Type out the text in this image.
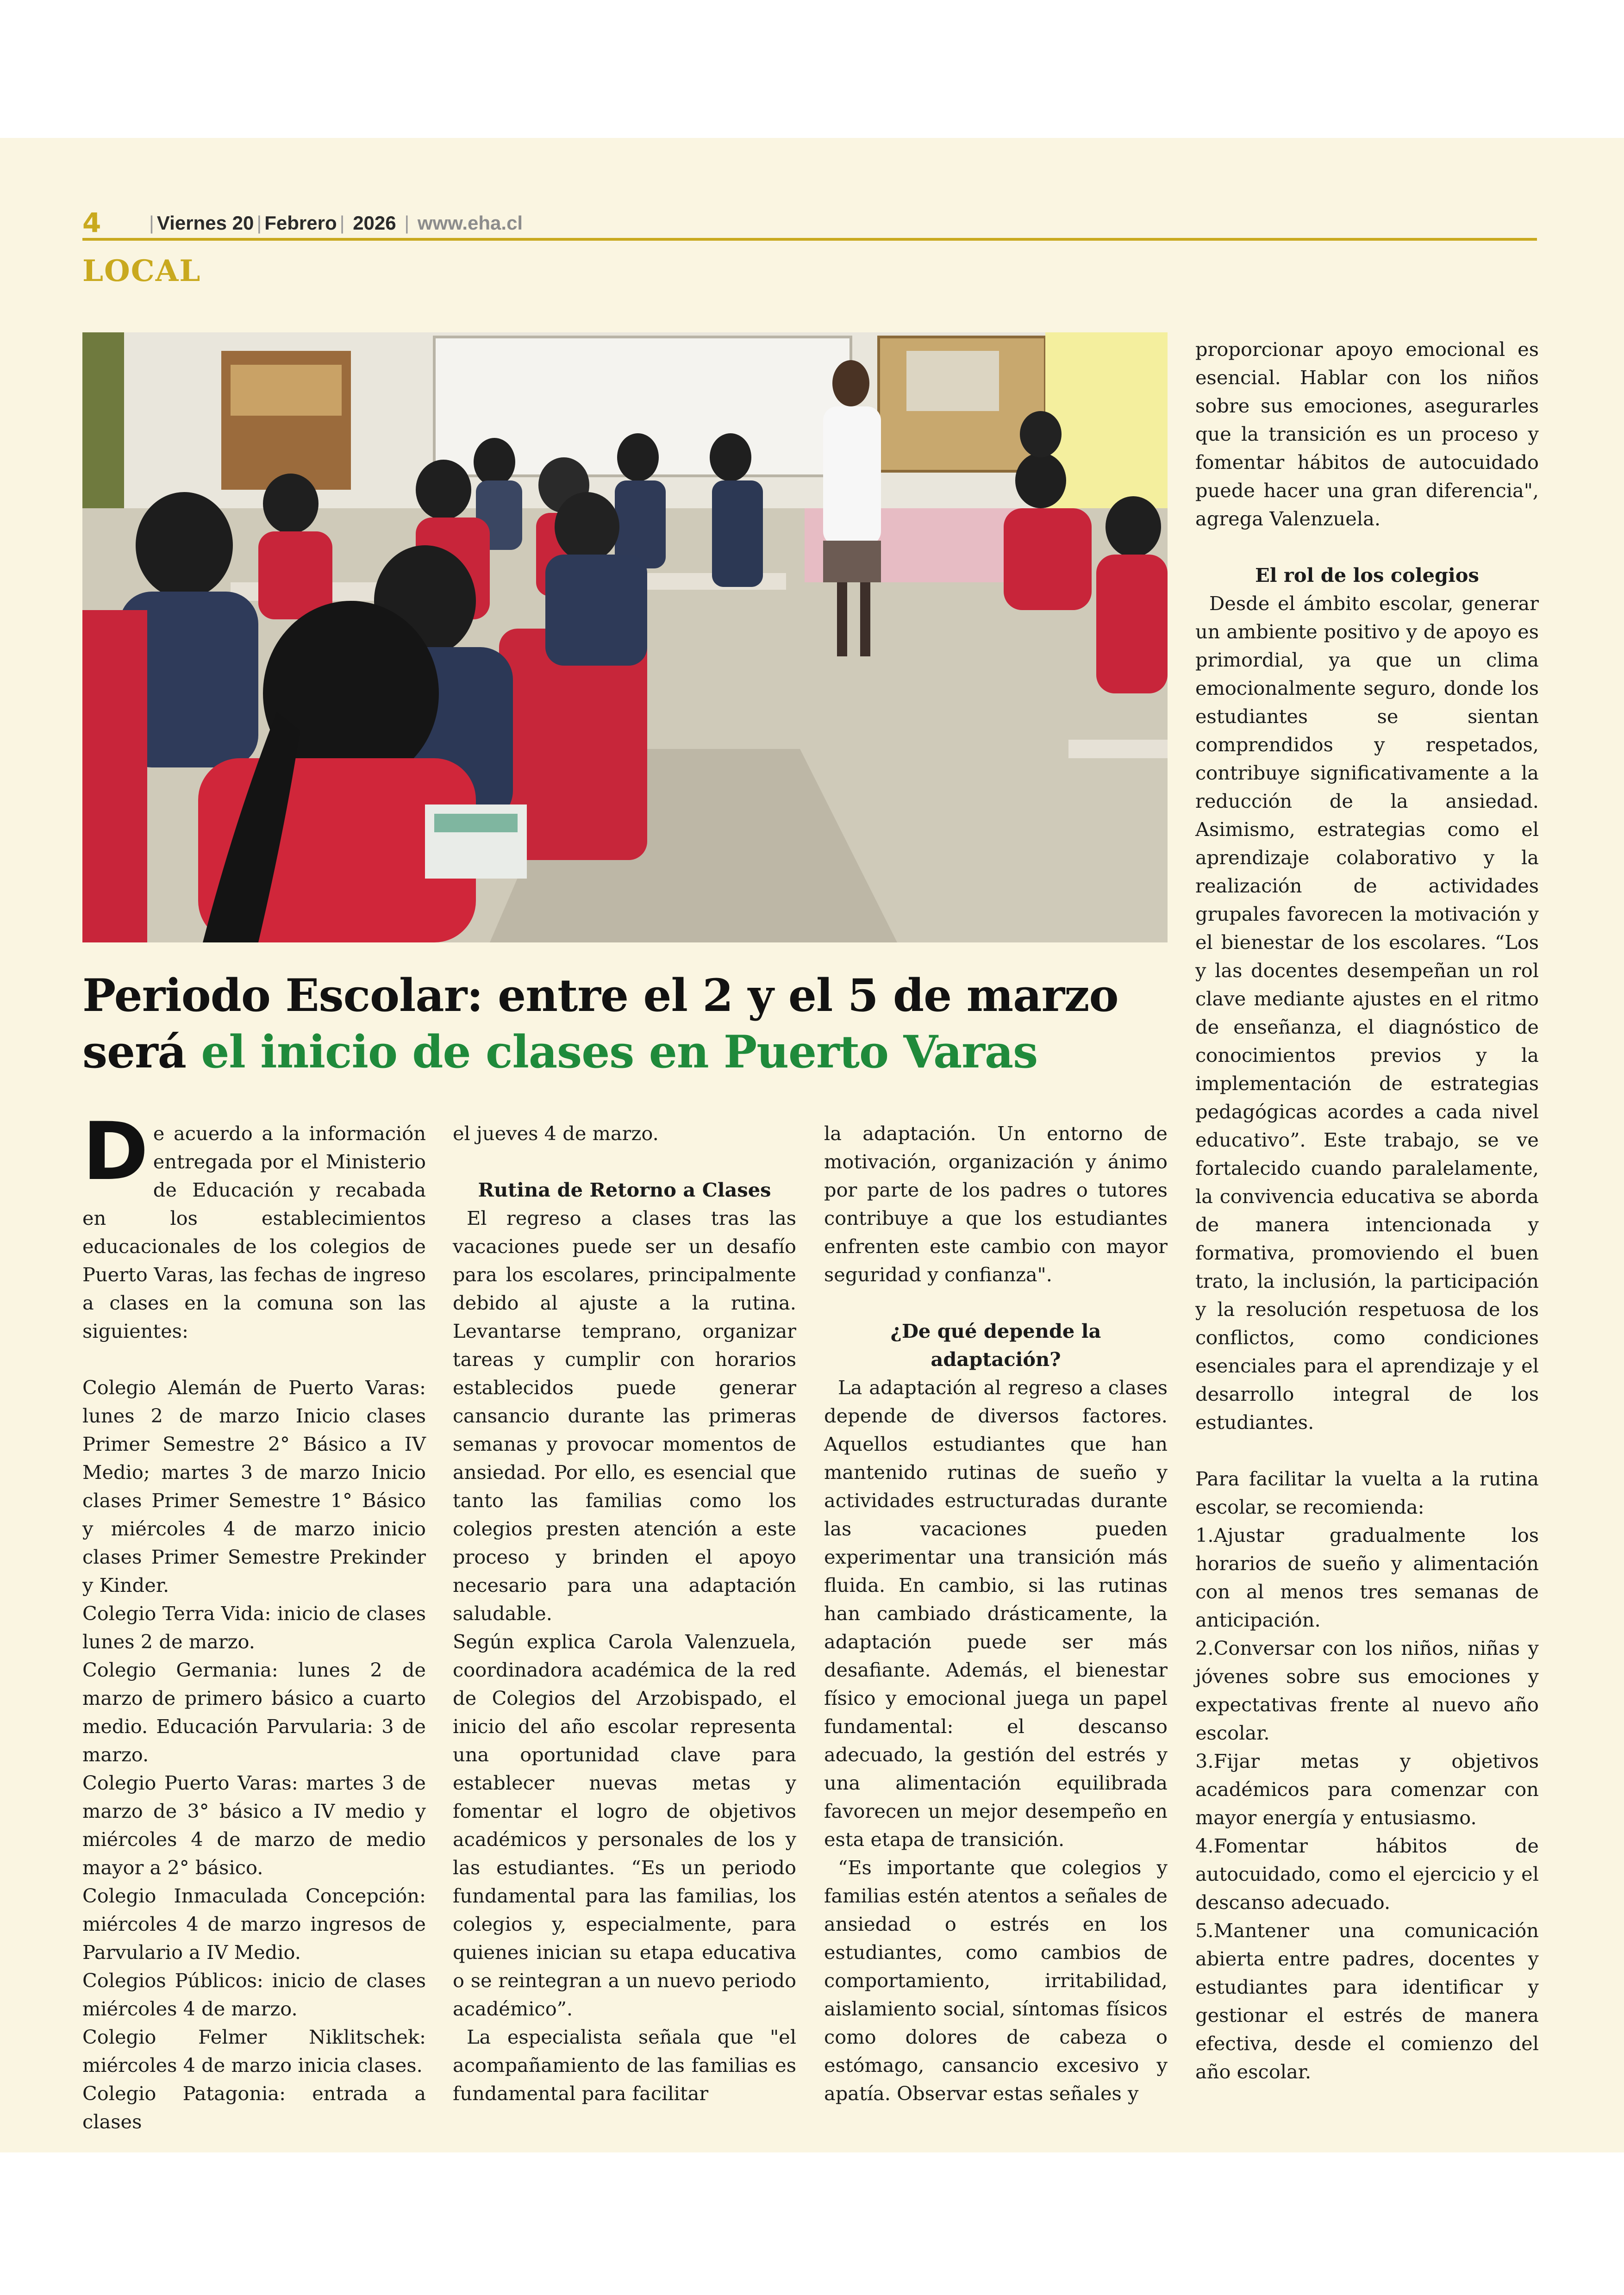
4 | Viernes 20 | Febrero | 2026 | www.eha.cl
LOCAL
Periodo Escolar: entre el 2 y el 5 de marzo
será el inicio de clases en Puerto Varas

De acuerdo a la información entregada por el Ministerio de Educación y recabada en los establecimientos educacionales de los colegios de Puerto Varas, las fechas de ingreso a clases en la comuna son las siguientes:

Colegio Alemán de Puerto Varas: lunes 2 de marzo Inicio clases Primer Semestre 2° Básico a IV Medio; martes 3 de marzo Inicio clases Primer Semestre 1° Básico y miércoles 4 de marzo inicio clases Primer Semestre Prekinder y Kinder.

Colegio Terra Vida: inicio de clases lunes 2 de marzo.

Colegio Germania: lunes 2 de marzo de primero básico a cuarto medio. Educación Parvularia: 3 de marzo.

Colegio Puerto Varas: martes 3 de marzo de 3° básico a IV medio y miércoles 4 de marzo de medio mayor a 2° básico.

Colegio Inmaculada Concepción: miércoles 4 de marzo ingresos de Parvulario a IV Medio.

Colegios Públicos: inicio de clases miércoles 4 de marzo.

Colegio Felmer Niklitschek: miércoles 4 de marzo inicia clases.

Colegio Patagonia: entrada a clases

el jueves 4 de marzo.

Rutina de Retorno a Clases

El regreso a clases tras las vacaciones puede ser un desafío para los escolares, principalmente debido al ajuste a la rutina. Levantarse temprano, organizar tareas y cumplir con horarios establecidos puede generar cansancio durante las primeras semanas y provocar momentos de ansiedad. Por ello, es esencial que tanto las familias como los colegios presten atención a este proceso y brinden el apoyo necesario para una adaptación saludable.

Según explica Carola Valenzuela, coordinadora académica de la red de Colegios del Arzobispado, el inicio del año escolar representa una oportunidad clave para establecer nuevas metas y fomentar el logro de objetivos académicos y personales de los y las estudiantes. “Es un periodo fundamental para las familias, los colegios y, especialmente, para quienes inician su etapa educativa o se reintegran a un nuevo periodo académico”.

La especialista señala que "el acompañamiento de las familias es fundamental para facilitar

la adaptación. Un entorno de motivación, organización y ánimo por parte de los padres o tutores contribuye a que los estudiantes enfrenten este cambio con mayor seguridad y confianza".

¿De qué depende la adaptación?

La adaptación al regreso a clases depende de diversos factores. Aquellos estudiantes que han mantenido rutinas de sueño y actividades estructuradas durante las vacaciones pueden experimentar una transición más fluida. En cambio, si las rutinas han cambiado drásticamente, la adaptación puede ser más desafiante. Además, el bienestar físico y emocional juega un papel fundamental: el descanso adecuado, la gestión del estrés y una alimentación equilibrada favorecen un mejor desempeño en esta etapa de transición.

“Es importante que colegios y familias estén atentos a señales de ansiedad o estrés en los estudiantes, como cambios de comportamiento, irritabilidad, aislamiento social, síntomas físicos como dolores de cabeza o estómago, cansancio excesivo y apatía. Observar estas señales y

proporcionar apoyo emocional es esencial. Hablar con los niños sobre sus emociones, asegurarles que la transición es un proceso y fomentar hábitos de autocuidado puede hacer una gran diferencia", agrega Valenzuela.

El rol de los colegios

Desde el ámbito escolar, generar un ambiente positivo y de apoyo es primordial, ya que un clima emocionalmente seguro, donde los estudiantes se sientan comprendidos y respetados, contribuye significativamente a la reducción de la ansiedad. Asimismo, estrategias como el aprendizaje colaborativo y la realización de actividades grupales favorecen la motivación y el bienestar de los escolares. “Los y las docentes desempeñan un rol clave mediante ajustes en el ritmo de enseñanza, el diagnóstico de conocimientos previos y la implementación de estrategias pedagógicas acordes a cada nivel educativo”. Este trabajo, se ve fortalecido cuando paralelamente, la convivencia educativa se aborda de manera intencionada y formativa, promoviendo el buen trato, la inclusión, la participación y la resolución respetuosa de los conflictos, como condiciones esenciales para el aprendizaje y el desarrollo integral de los estudiantes.

Para facilitar la vuelta a la rutina escolar, se recomienda:

1.Ajustar gradualmente los horarios de sueño y alimentación con al menos tres semanas de anticipación.

2.Conversar con los niños, niñas y jóvenes sobre sus emociones y expectativas frente al nuevo año escolar.

3.Fijar metas y objetivos académicos para comenzar con mayor energía y entusiasmo.

4.Fomentar hábitos de autocuidado, como el ejercicio y el descanso adecuado.

5.Mantener una comunicación abierta entre padres, docentes y estudiantes para identificar y gestionar el estrés de manera efectiva, desde el comienzo del año escolar.
